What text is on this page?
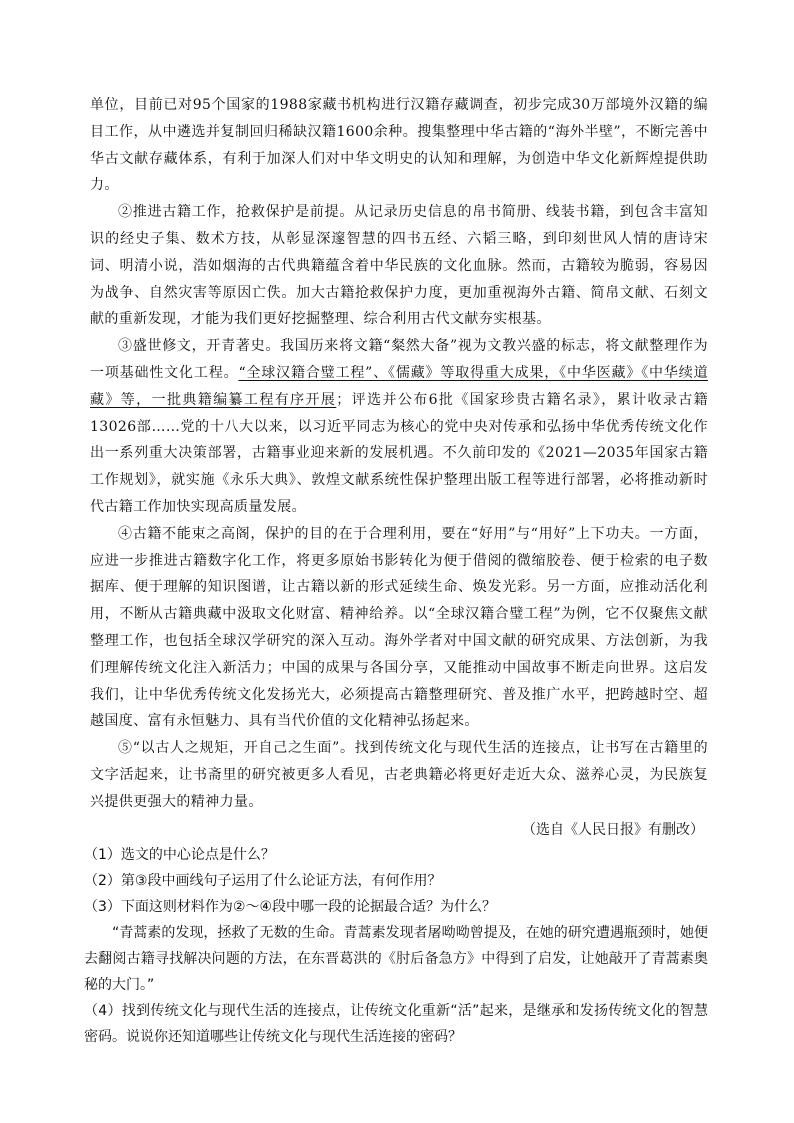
单位，目前已对95个国家的1988家藏书机构进行汉籍存藏调查，初步完成30万部境外汉籍的编目工作，从中遴选并复制回归稀缺汉籍1600余种。搜集整理中华古籍的“海外半壁”，不断完善中华古文献存藏体系，有利于加深人们对中华文明史的认知和理解，为创造中华文化新辉煌提供助力。

②推进古籍工作，抢救保护是前提。从记录历史信息的帛书简册、线装书籍，到包含丰富知识的经史子集、数术方技，从彰显深邃智慧的四书五经、六韬三略，到印刻世风人情的唐诗宋词、明清小说，浩如烟海的古代典籍蕴含着中华民族的文化血脉。然而，古籍较为脆弱，容易因为战争、自然灾害等原因亡佚。加大古籍抢救保护力度，更加重视海外古籍、简帛文献、石刻文献的重新发现，才能为我们更好挖掘整理、综合利用古代文献夯实根基。

③盛世修文，开青著史。我国历来将文籍“粲然大备”视为文教兴盛的标志，将文献整理作为一项基础性文化工程。“全球汉籍合璧工程”、《儒藏》等取得重大成果，《中华医藏》《中华续道藏》等，一批典籍编纂工程有序开展；评选并公布6批《国家珍贵古籍名录》，累计收录古籍13026部……党的十八大以来，以习近平同志为核心的党中央对传承和弘扬中华优秀传统文化作出一系列重大决策部署，古籍事业迎来新的发展机遇。不久前印发的《2021—2035年国家古籍工作规划》，就实施《永乐大典》、敦煌文献系统性保护整理出版工程等进行部署，必将推动新时代古籍工作加快实现高质量发展。

④古籍不能束之高阁，保护的目的在于合理利用，要在“好用”与“用好”上下功夫。一方面，应进一步推进古籍数字化工作，将更多原始书影转化为便于借阅的微缩胶卷、便于检索的电子数据库、便于理解的知识图谱，让古籍以新的形式延续生命、焕发光彩。另一方面，应推动活化利用，不断从古籍典藏中汲取文化财富、精神给养。以“全球汉籍合璧工程”为例，它不仅聚焦文献整理工作，也包括全球汉学研究的深入互动。海外学者对中国文献的研究成果、方法创新，为我们理解传统文化注入新活力；中国的成果与各国分享，又能推动中国故事不断走向世界。这启发我们，让中华优秀传统文化发扬光大，必须提高古籍整理研究、普及推广水平，把跨越时空、超越国度、富有永恒魅力、具有当代价值的文化精神弘扬起来。

⑤“以古人之规矩，开自己之生面”。找到传统文化与现代生活的连接点，让书写在古籍里的文字活起来，让书斋里的研究被更多人看见，古老典籍必将更好走近大众、滋养心灵，为民族复兴提供更强大的精神力量。

（选自《人民日报》有删改）

（1）选文的中心论点是什么？

（2）第③段中画线句子运用了什么论证方法，有何作用？

（3）下面这则材料作为②～④段中哪一段的论据最合适？为什么？

“青蒿素的发现，拯救了无数的生命。青蒿素发现者屠呦呦曾提及，在她的研究遭遇瓶颈时，她便去翻阅古籍寻找解决问题的方法，在东晋葛洪的《肘后备急方》中得到了启发，让她敲开了青蒿素奥秘的大门。”

（4）找到传统文化与现代生活的连接点，让传统文化重新“活”起来，是继承和发扬传统文化的智慧密码。说说你还知道哪些让传统文化与现代生活连接的密码？
